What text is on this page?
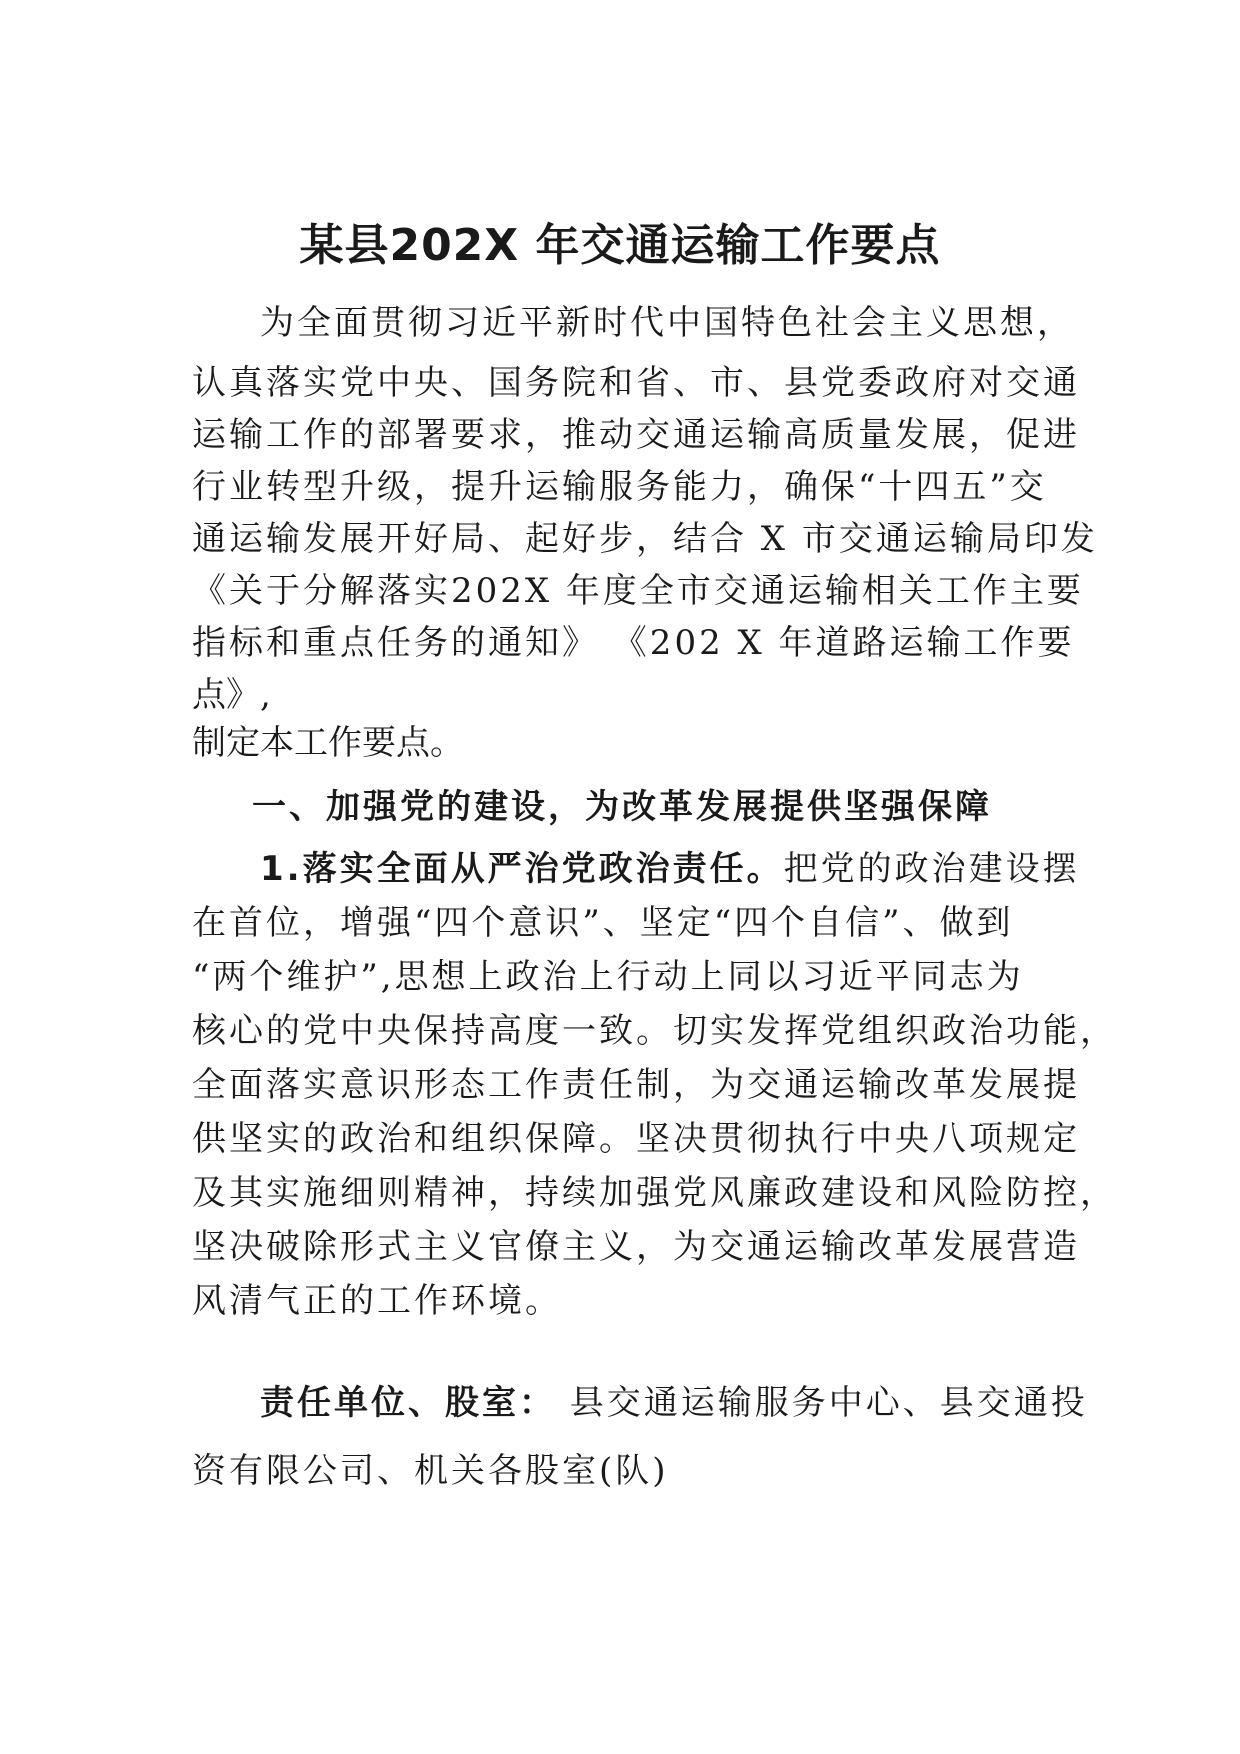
某县202X 年交通运输工作要点
为全面贯彻习近平新时代中国特色社会主义思想，
认真落实党中央、国务院和省、市、县党委政府对交通
运输工作的部署要求，推动交通运输高质量发展，促进
行业转型升级，提升运输服务能力，确保“十四五”交
通运输发展开好局、起好步，结合 X 市交通运输局印发
《关于分解落实202X 年度全市交通运输相关工作主要
指标和重点任务的通知》 《202 X 年道路运输工作要
点》,
制定本工作要点。
一、加强党的建设，为改革发展提供坚强保障
1.落实全面从严治党政治责任。把党的政治建设摆
在首位，增强“四个意识”、坚定“四个自信”、做到
“两个维护”,思想上政治上行动上同以习近平同志为
核心的党中央保持高度一致。切实发挥党组织政治功能，
全面落实意识形态工作责任制，为交通运输改革发展提
供坚实的政治和组织保障。坚决贯彻执行中央八项规定
及其实施细则精神，持续加强党风廉政建设和风险防控，
坚决破除形式主义官僚主义，为交通运输改革发展营造
风清气正的工作环境。
责任单位、股室： 县交通运输服务中心、县交通投
资有限公司、机关各股室(队)
